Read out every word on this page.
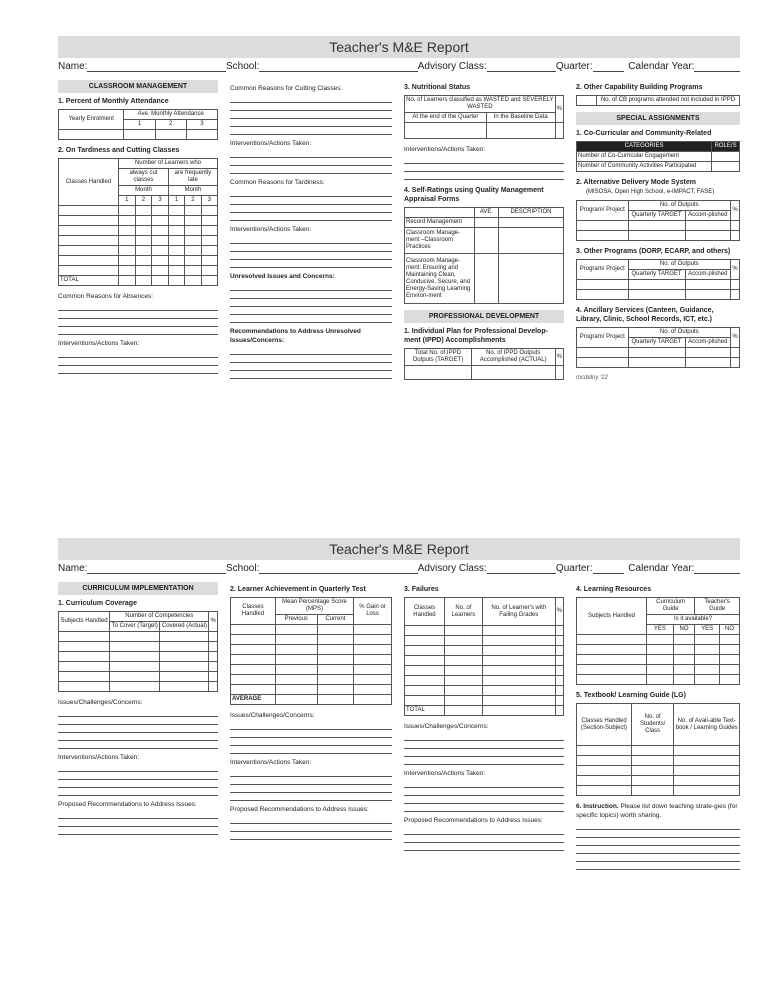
Teacher's M&E Report
Name:	School:	Advisory Class:	Quarter:	Calendar Year:
CLASSROOM MANAGEMENT
1. Percent of Monthly Attendance
Yearly Enrolment	Ave. Monthly Attendance		
	1	2	3

2. On Tardiness and Cutting Classes
Classes Handled	Number of Learners who					
	always cut classes			are frequently late		
	Month			Month		
	1	2	3	1	2	3

TOTAL						
Common Reasons for Absences:
Interventions/Actions Taken:
Common Reasons for Cutting Classes:
Interventions/Actions Taken:
Common Reasons for Tardiness:
Interventions/Actions Taken:
Unresolved Issues and Concerns:
Recommendations to Address Unresolved Issues/Concerns:
3. Nutritional Status
No. of Learners classified as WASTED and SEVERELY WASTED		%
At the end of the Quarter	In the Baseline Data	

Interventions/Actions Taken:
4. Self-Ratings using Quality Management Appraisal Forms
	AVE.	DESCRIPTION
Record Management		
Classroom Manage-ment –Classroom Practices		
Classroom Manage-ment: Ensuring and Maintaining Clean, Conducive, Secure, and Energy-Saving Learning Environ-ment		
PROFESSIONAL DEVELOPMENT
1. Individual Plan for Professional Develop-ment (IPPD) Accomplishments
Total No. of IPPD Outputs (TARGET)	No. of IPPD Outputs Accomplished (ACTUAL)	%

2. Other Capability Building Programs
	No. of CB programs attended not included in IPPD
SPECIAL ASSIGNMENTS
1. Co-Curricular and Community-Related
CATEGORIES	ROLE/S
Number of Co-Curricular Engagement	
Number of Community Activities Participated	
2. Alternative Delivery Mode System
(MISOSA, Open High School, e-IMPACT, FASE)
Program/ Project	No. of Outputs		%
	Quarterly TARGET	Accom-plished	

3. Other Programs (DORP, ECARP, and others)
Program/ Project	No. of Outputs		%
	Quarterly TARGET	Accom-plished	

4. Ancillary Services (Canteen, Guidance, Library, Clinic, School Records, ICT, etc.)
Program/ Project	No. of Outputs		%
	Quarterly TARGET	Accom-plished	

mcdelny '12
Teacher's M&E Report
Name:	School:	Advisory Class:	Quarter:	Calendar Year:
CURRICULUM IMPLEMENTATION
1. Curriculum Coverage
Subjects Handled	Number of Competencies		%
	To Cover (Target)	Covered (Actual)	

Issues/Challenges/Concerns:
Interventions/Actions Taken:
Proposed Recommendations to Address Issues:
2. Learner Achievement in Quarterly Test
Classes Handled	Mean Percentage Score (MPS)		% Gain or Loss
	Previous	Current	

AVERAGE			
Issues/Challenges/Concerns:
Interventions/Actions Taken:
Proposed Recommendations to Address Issues:
3. Failures
Classes Handled	No. of Learners	No. of Learner's with Failing Grades	%

TOTAL			
Issues/Challenges/Concerns:
Interventions/Actions Taken:
Proposed Recommendations to Address Issues:
4. Learning Resources
Subjects Handled	Curriculum Guide		Teacher's Guide	
	Is it available?			
	YES	NO	YES	NO

5. Textbook/ Learning Guide (LG)
Classes Handled (Section-Subject)	No. of Students/ Class	No. of Avail-able Text-book / Learning Guides

6. Instruction. Please list down teaching strate-gies (for specific topics) worth sharing.
